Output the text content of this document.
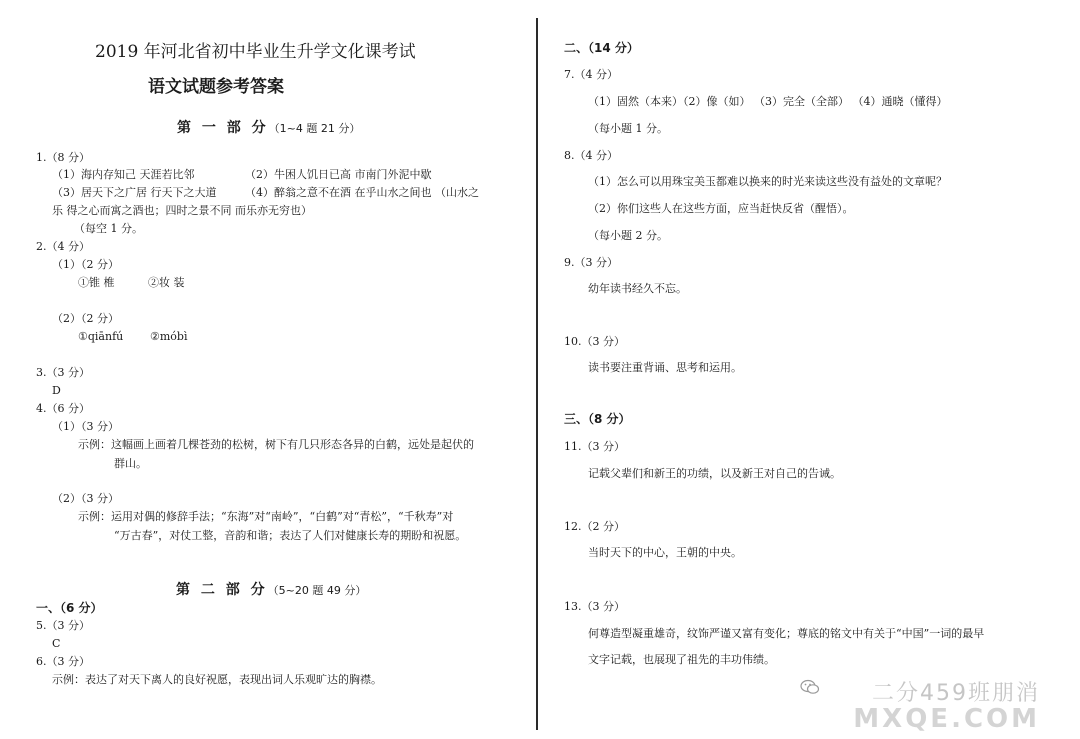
2019 年河北省初中毕业生升学文化课考试
语文试题参考答案
第 一 部 分（1~4 题 21 分）
1.（8 分）
（1）海内存知己 天涯若比邻	（2）牛困人饥日已高 市南门外泥中歇
（3）居天下之广居 行天下之大道	（4）醉翁之意不在酒 在乎山水之间也 （山水之
乐 得之心而寓之酒也；四时之景不同 而乐亦无穷也）
（每空 1 分。
2.（4 分）
（1）（2 分）
①锥 椎	②妆 装
（2）（2 分）
①qiānfú ②móbì
3.（3 分）
D
4.（6 分）
（1）（3 分）
示例：这幅画上画着几棵苍劲的松树，树下有几只形态各异的白鹤，远处是起伏的
群山。
（2）（3 分）
示例：运用对偶的修辞手法；“东海”对“南岭”，“白鹤”对“青松”，“千秋寿”对
“万古春”，对仗工整，音韵和谐；表达了人们对健康长寿的期盼和祝愿。
第 二 部 分（5~20 题 49 分）
一、（6 分）
5.（3 分）
C
6.（3 分）
示例：表达了对天下离人的良好祝愿，表现出词人乐观旷达的胸襟。
二、（14 分）
7.（4 分）
（1）固然（本来）（2）像（如） （3）完全（全部） （4）通晓（懂得）
（每小题 1 分。
8.（4 分）
（1）怎么可以用珠宝美玉都难以换来的时光来读这些没有益处的文章呢？
（2）你们这些人在这些方面，应当赶快反省（醒悟）。
（每小题 2 分。
9.（3 分）
幼年读书经久不忘。
10.（3 分）
读书要注重背诵、思考和运用。
三、（8 分）
11.（3 分）
记载父辈们和新王的功绩，以及新王对自己的告诫。
12.（2 分）
当时天下的中心，王朝的中央。
13.（3 分）
何尊造型凝重雄奇，纹饰严谨又富有变化；尊底的铭文中有关于“中国”一词的最早
文字记载，也展现了祖先的丰功伟绩。
二分459班朋消
MXQE.COM
